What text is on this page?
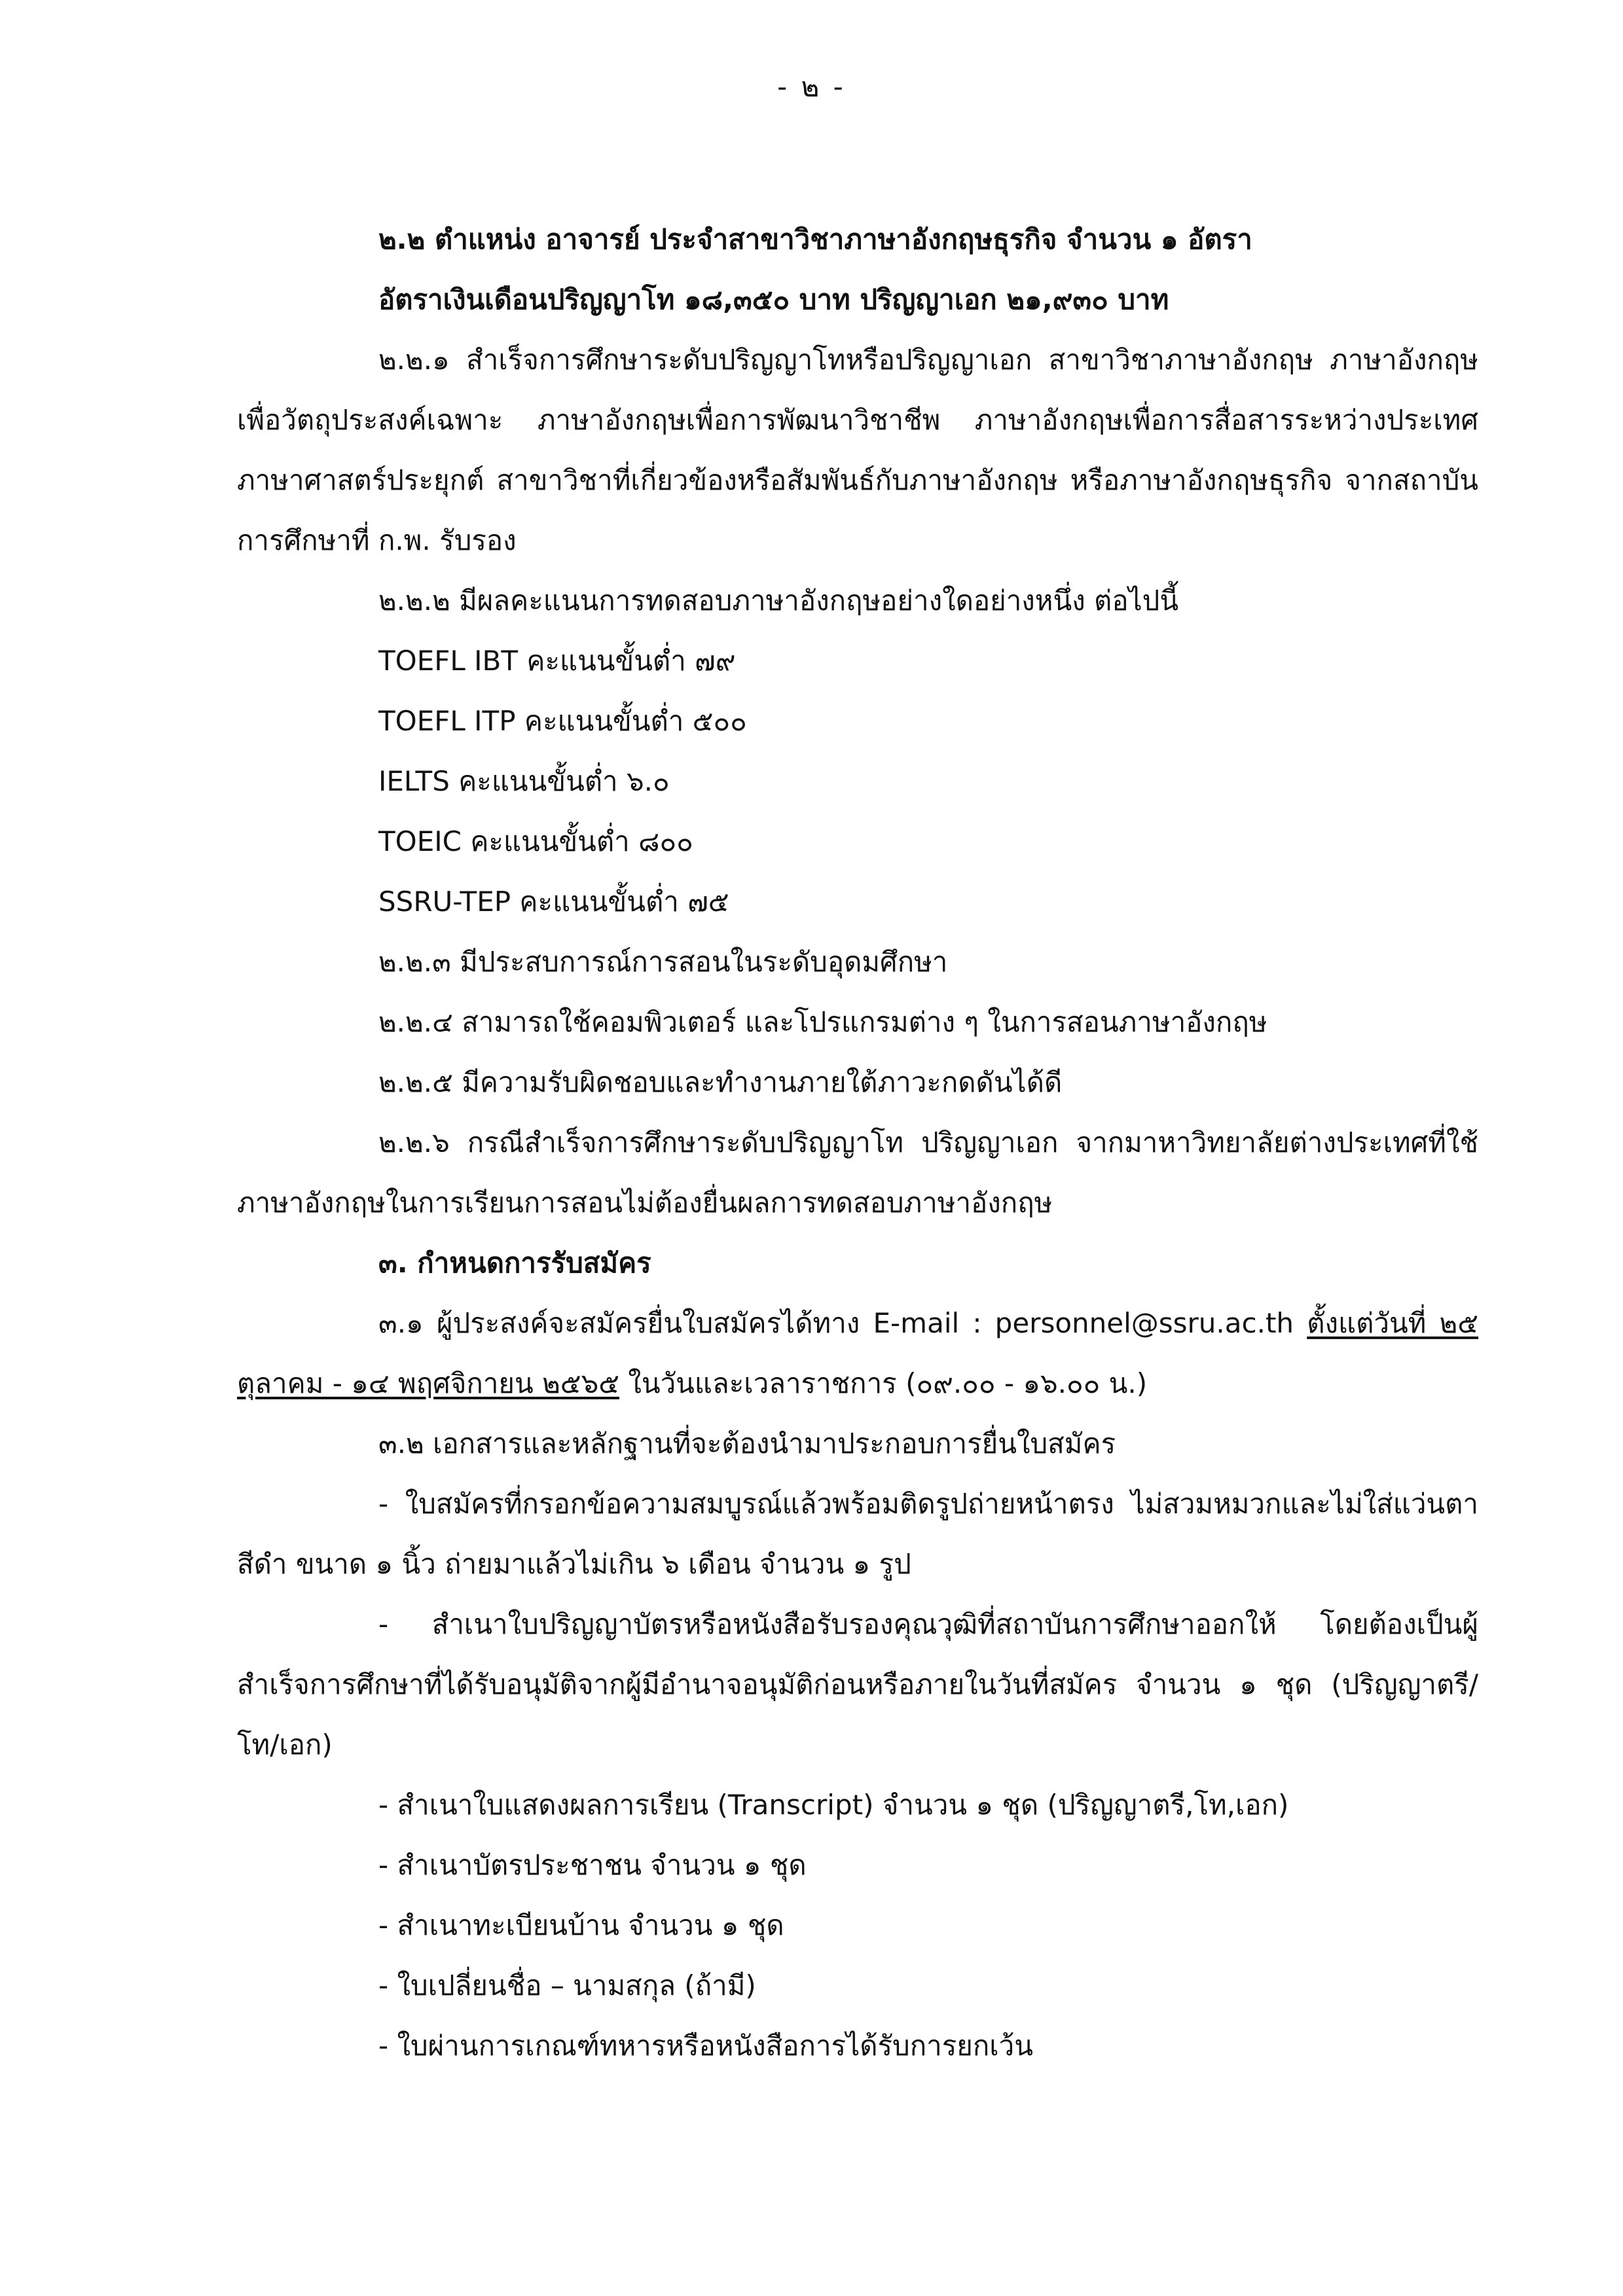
- ๒ -

๒.๒ ตำแหน่ง อาจารย์ ประจำสาขาวิชาภาษาอังกฤษธุรกิจ จำนวน ๑ อัตรา

อัตราเงินเดือนปริญญาโท ๑๘,๓๕๐ บาท ปริญญาเอก ๒๑,๙๓๐ บาท

๒.๒.๑ สำเร็จการศึกษาระดับปริญญาโทหรือปริญญาเอก สาขาวิชาภาษาอังกฤษ ภาษาอังกฤษเพื่อวัตถุประสงค์เฉพาะ ภาษาอังกฤษเพื่อการพัฒนาวิชาชีพ ภาษาอังกฤษเพื่อการสื่อสารระหว่างประเทศ ภาษาศาสตร์ประยุกต์ สาขาวิชาที่เกี่ยวข้องหรือสัมพันธ์กับภาษาอังกฤษ หรือภาษาอังกฤษธุรกิจ จากสถาบันการศึกษาที่ ก.พ. รับรอง

๒.๒.๒ มีผลคะแนนการทดสอบภาษาอังกฤษอย่างใดอย่างหนึ่ง ต่อไปนี้

TOEFL IBT คะแนนขั้นต่ำ ๗๙

TOEFL ITP คะแนนขั้นต่ำ ๕๐๐

IELTS คะแนนขั้นต่ำ ๖.๐

TOEIC คะแนนขั้นต่ำ ๘๐๐

SSRU-TEP คะแนนขั้นต่ำ ๗๕

๒.๒.๓ มีประสบการณ์การสอนในระดับอุดมศึกษา

๒.๒.๔ สามารถใช้คอมพิวเตอร์ และโปรแกรมต่าง ๆ ในการสอนภาษาอังกฤษ

๒.๒.๕ มีความรับผิดชอบและทำงานภายใต้ภาวะกดดันได้ดี

๒.๒.๖ กรณีสำเร็จการศึกษาระดับปริญญาโท ปริญญาเอก จากมาหาวิทยาลัยต่างประเทศที่ใช้ภาษาอังกฤษในการเรียนการสอนไม่ต้องยื่นผลการทดสอบภาษาอังกฤษ

๓. กำหนดการรับสมัคร

๓.๑ ผู้ประสงค์จะสมัครยื่นใบสมัครได้ทาง E-mail : personnel@ssru.ac.th ตั้งแต่วันที่ ๒๕ ตุลาคม - ๑๔ พฤศจิกายน ๒๕๖๕ ในวันและเวลาราชการ (๐๙.๐๐ - ๑๖.๐๐ น.)

๓.๒ เอกสารและหลักฐานที่จะต้องนำมาประกอบการยื่นใบสมัคร

- ใบสมัครที่กรอกข้อความสมบูรณ์แล้วพร้อมติดรูปถ่ายหน้าตรง ไม่สวมหมวกและไม่ใส่แว่นตาสีดำ ขนาด ๑ นิ้ว ถ่ายมาแล้วไม่เกิน ๖ เดือน จำนวน ๑ รูป

- สำเนาใบปริญญาบัตรหรือหนังสือรับรองคุณวุฒิที่สถาบันการศึกษาออกให้ โดยต้องเป็นผู้สำเร็จการศึกษาที่ได้รับอนุมัติจากผู้มีอำนาจอนุมัติก่อนหรือภายในวันที่สมัคร จำนวน ๑ ชุด (ปริญญาตรี/โท/เอก)

- สำเนาใบแสดงผลการเรียน (Transcript) จำนวน ๑ ชุด (ปริญญาตรี,โท,เอก)

- สำเนาบัตรประชาชน จำนวน ๑ ชุด

- สำเนาทะเบียนบ้าน จำนวน ๑ ชุด

- ใบเปลี่ยนชื่อ – นามสกุล (ถ้ามี)

- ใบผ่านการเกณฑ์ทหารหรือหนังสือการได้รับการยกเว้น
